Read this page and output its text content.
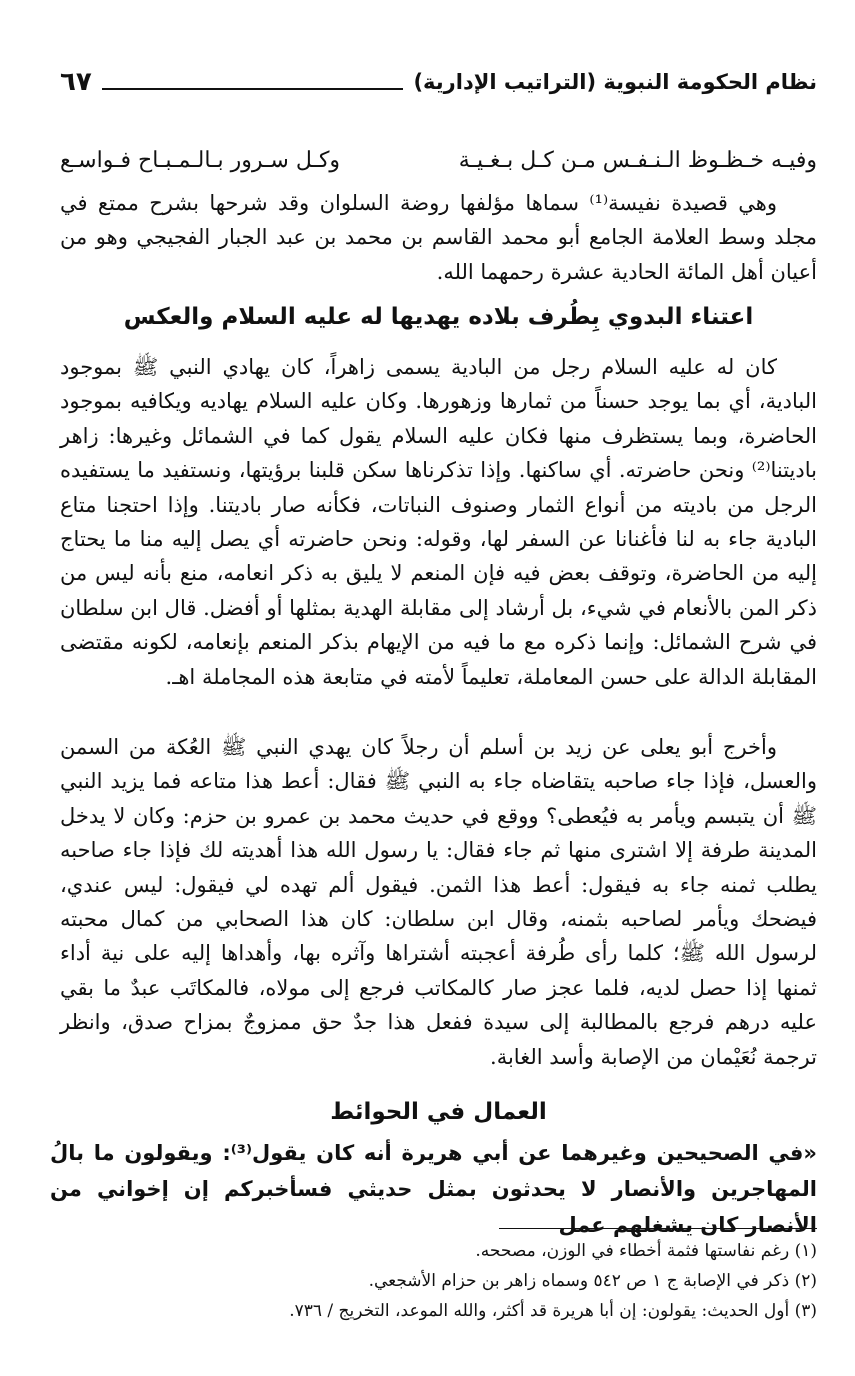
نظام الحكومة النبوية (التراتيب الإدارية)
٦٧
وفيـه خـظـوظ الـنـفـس مـن كـل بـغـيـة
وكـل سـرور بـالـمـبـاح فـواسـع

وهي قصيدة نفيسة⁽¹⁾ سماها مؤلفها روضة السلوان وقد شرحها بشرح ممتع في مجلد وسط العلامة الجامع أبو محمد القاسم بن محمد بن عبد الجبار الفجيجي وهو من أعيان أهل المائة الحادية عشرة رحمهما الله.

اعتناء البدوي بِطُرف بلاده يهديها له عليه السلام والعكس

كان له عليه السلام رجل من البادية يسمى زاهراً، كان يهادي النبي ﷺ بموجود البادية، أي بما يوجد حسناً من ثمارها وزهورها. وكان عليه السلام يهاديه ويكافيه بموجود الحاضرة، وبما يستظرف منها فكان عليه السلام يقول كما في الشمائل وغيرها: زاهر باديتنا⁽²⁾ ونحن حاضرته. أي ساكنها. وإذا تذكرناها سكن قلبنا برؤيتها، ونستفيد ما يستفيده الرجل من باديته من أنواع الثمار وصنوف النباتات، فكأنه صار باديتنا. وإذا احتجنا متاع البادية جاء به لنا فأغنانا عن السفر لها، وقوله: ونحن حاضرته أي يصل إليه منا ما يحتاج إليه من الحاضرة، وتوقف بعض فيه فإن المنعم لا يليق به ذكر انعامه، منع بأنه ليس من ذكر المن بالأنعام في شيء، بل أرشاد إلى مقابلة الهدية بمثلها أو أفضل. قال ابن سلطان في شرح الشمائل: وإنما ذكره مع ما فيه من الإيهام بذكر المنعم بإنعامه، لكونه مقتضى المقابلة الدالة على حسن المعاملة، تعليماً لأمته في متابعة هذه المجاملة اهـ.

وأخرج أبو يعلى عن زيد بن أسلم أن رجلاً كان يهدي النبي ﷺ العُكة من السمن والعسل، فإذا جاء صاحبه يتقاضاه جاء به النبي ﷺ فقال: أعط هذا متاعه فما يزيد النبي ﷺ أن يتبسم ويأمر به فيُعطى؟ ووقع في حديث محمد بن عمرو بن حزم: وكان لا يدخل المدينة طرفة إلا اشترى منها ثم جاء فقال: يا رسول الله هذا أهديته لك فإذا جاء صاحبه يطلب ثمنه جاء به فيقول: أعط هذا الثمن. فيقول ألم تهده لي فيقول: ليس عندي، فيضحك ويأمر لصاحبه بثمنه، وقال ابن سلطان: كان هذا الصحابي من كمال محبته لرسول الله ﷺ؛ كلما رأى طُرفة أعجبته أشتراها وآثره بها، وأهداها إليه على نية أداء ثمنها إذا حصل لديه، فلما عجز صار كالمكاتب فرجع إلى مولاه، فالمكاتَب عبدٌ ما بقي عليه درهم فرجع بالمطالبة إلى سيدة ففعل هذا جدٌ حق ممزوجٌ بمزاح صدق، وانظر ترجمة نُعَيْمان من الإصابة وأسد الغابة.

العمال في الحوائط
«في الصحيحين وغيرهما عن أبي هريرة أنه كان يقول⁽³⁾: ويقولون ما بالُ المهاجرين والأنصار لا يحدثون بمثل حديثي فسأخبركم إن إخواني من الأنصار كان يشغلهم عمل
(١) رغم نفاستها فثمة أخطاء في الوزن، مصححه.
(٢) ذكر في الإصابة ج ١ ص ٥٤٢ وسماه زاهر بن حزام الأشجعي.
(٣) أول الحديث: يقولون: إن أبا هريرة قد أكثر، والله الموعد، التخريج / ٧٣٦.
